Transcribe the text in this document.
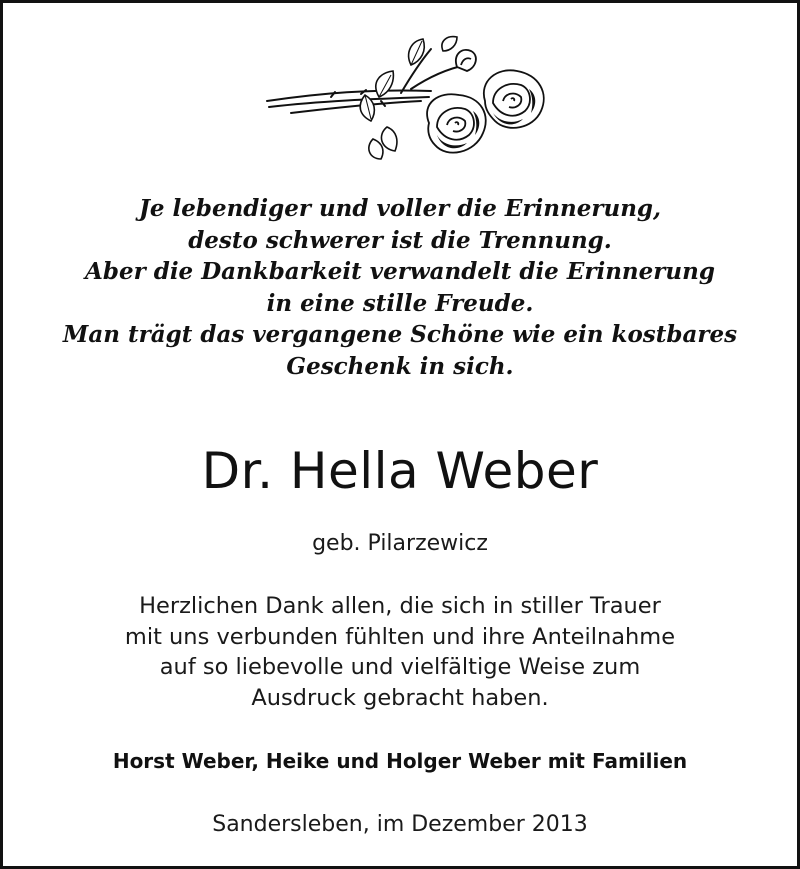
Je lebendiger und voller die Erinnerung,
desto schwerer ist die Trennung.
Aber die Dankbarkeit verwandelt die Erinnerung
in eine stille Freude.
Man trägt das vergangene Schöne wie ein kostbares
Geschenk in sich.
Dr. Hella Weber
geb. Pilarzewicz
Herzlichen Dank allen, die sich in stiller Trauer
mit uns verbunden fühlten und ihre Anteilnahme
auf so liebevolle und vielfältige Weise zum
Ausdruck gebracht haben.
Horst Weber, Heike und Holger Weber mit Familien
Sandersleben, im Dezember 2013
